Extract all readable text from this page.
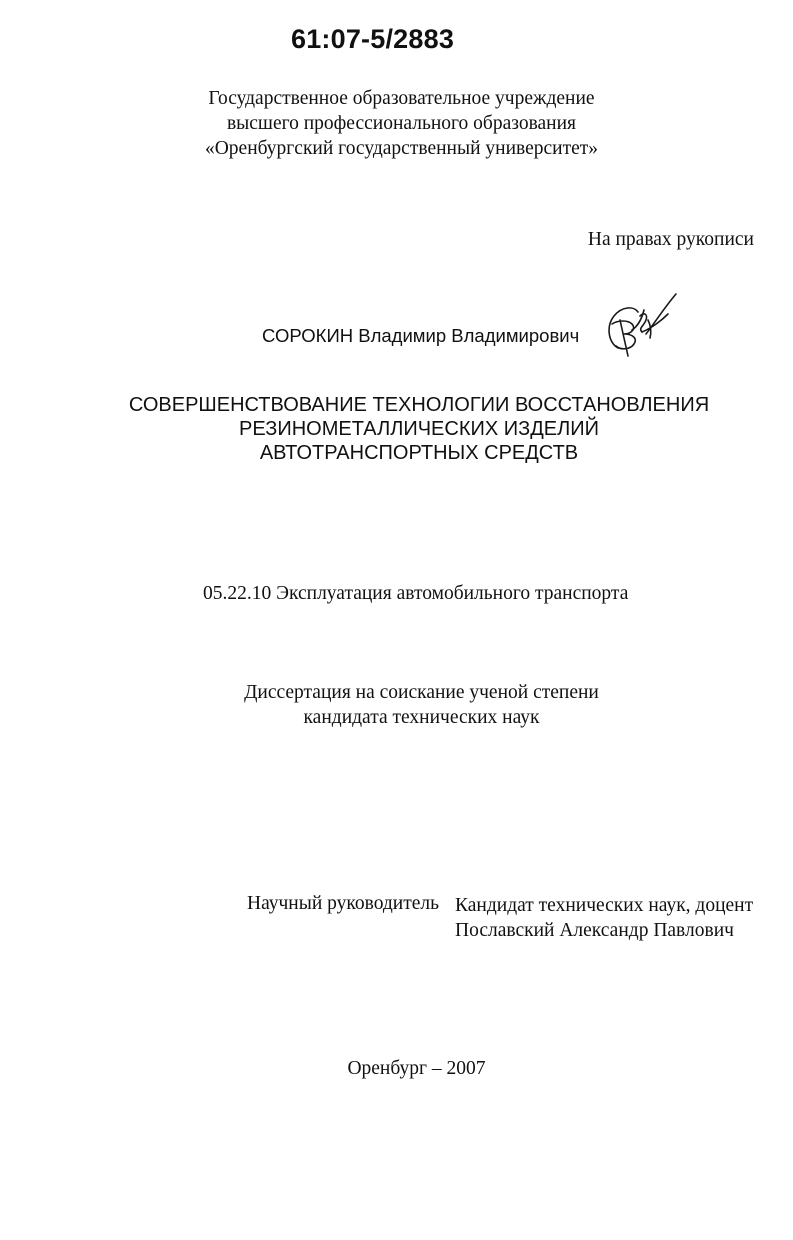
61:07-5/2883
Государственное образовательное учреждение
высшего профессионального образования
«Оренбургский государственный университет»
На правах рукописи
СОРОКИН Владимир Владимирович
СОВЕРШЕНСТВОВАНИЕ ТЕХНОЛОГИИ ВОССТАНОВЛЕНИЯ
РЕЗИНОМЕТАЛЛИЧЕСКИХ ИЗДЕЛИЙ
АВТОТРАНСПОРТНЫХ СРЕДСТВ
05.22.10 Эксплуатация автомобильного транспорта
Диссертация на соискание ученой степени
кандидата технических наук
Научный руководитель Кандидат технических наук, доцент
Пославский Александр Павлович
Оренбург – 2007
